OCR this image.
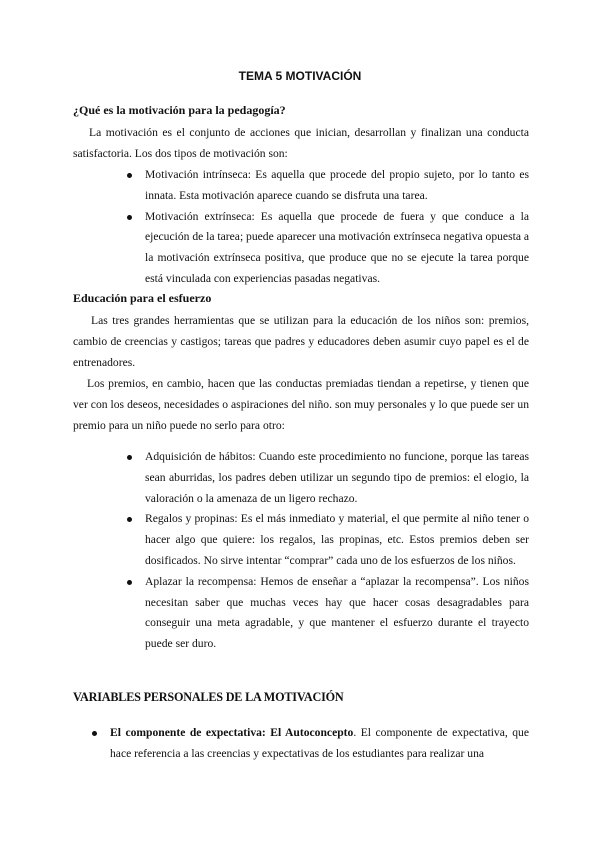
TEMA 5 MOTIVACIÓN
¿Qué es la motivación para la pedagogía?
La motivación es el conjunto de acciones que inician, desarrollan y finalizan una conducta satisfactoria. Los dos tipos de motivación son:
Motivación intrínseca: Es aquella que procede del propio sujeto, por lo tanto es innata. Esta motivación aparece cuando se disfruta una tarea.
Motivación extrínseca: Es aquella que procede de fuera y que conduce a la ejecución de la tarea; puede aparecer una motivación extrínseca negativa opuesta a la motivación extrínseca positiva, que produce que no se ejecute la tarea porque está vinculada con experiencias pasadas negativas.
Educación para el esfuerzo
Las tres grandes herramientas que se utilizan para la educación de los niños son: premios, cambio de creencias y castigos; tareas que padres y educadores deben asumir cuyo papel es el de entrenadores.
Los premios, en cambio, hacen que las conductas premiadas tiendan a repetirse, y tienen que ver con los deseos, necesidades o aspiraciones del niño. son muy personales y lo que puede ser un premio para un niño puede no serlo para otro:
Adquisición de hábitos: Cuando este procedimiento no funcione, porque las tareas sean aburridas, los padres deben utilizar un segundo tipo de premios: el elogio, la valoración o la amenaza de un ligero rechazo.
Regalos y propinas: Es el más inmediato y material, el que permite al niño tener o hacer algo que quiere: los regalos, las propinas, etc. Estos premios deben ser dosificados. No sirve intentar “comprar” cada uno de los esfuerzos de los niños.
Aplazar la recompensa: Hemos de enseñar a “aplazar la recompensa”. Los niños necesitan saber que muchas veces hay que hacer cosas desagradables para conseguir una meta agradable, y que mantener el esfuerzo durante el trayecto puede ser duro.
VARIABLES PERSONALES DE LA MOTIVACIÓN
El componente de expectativa: El Autoconcepto. El componente de expectativa, que hace referencia a las creencias y expectativas de los estudiantes para realizar una
